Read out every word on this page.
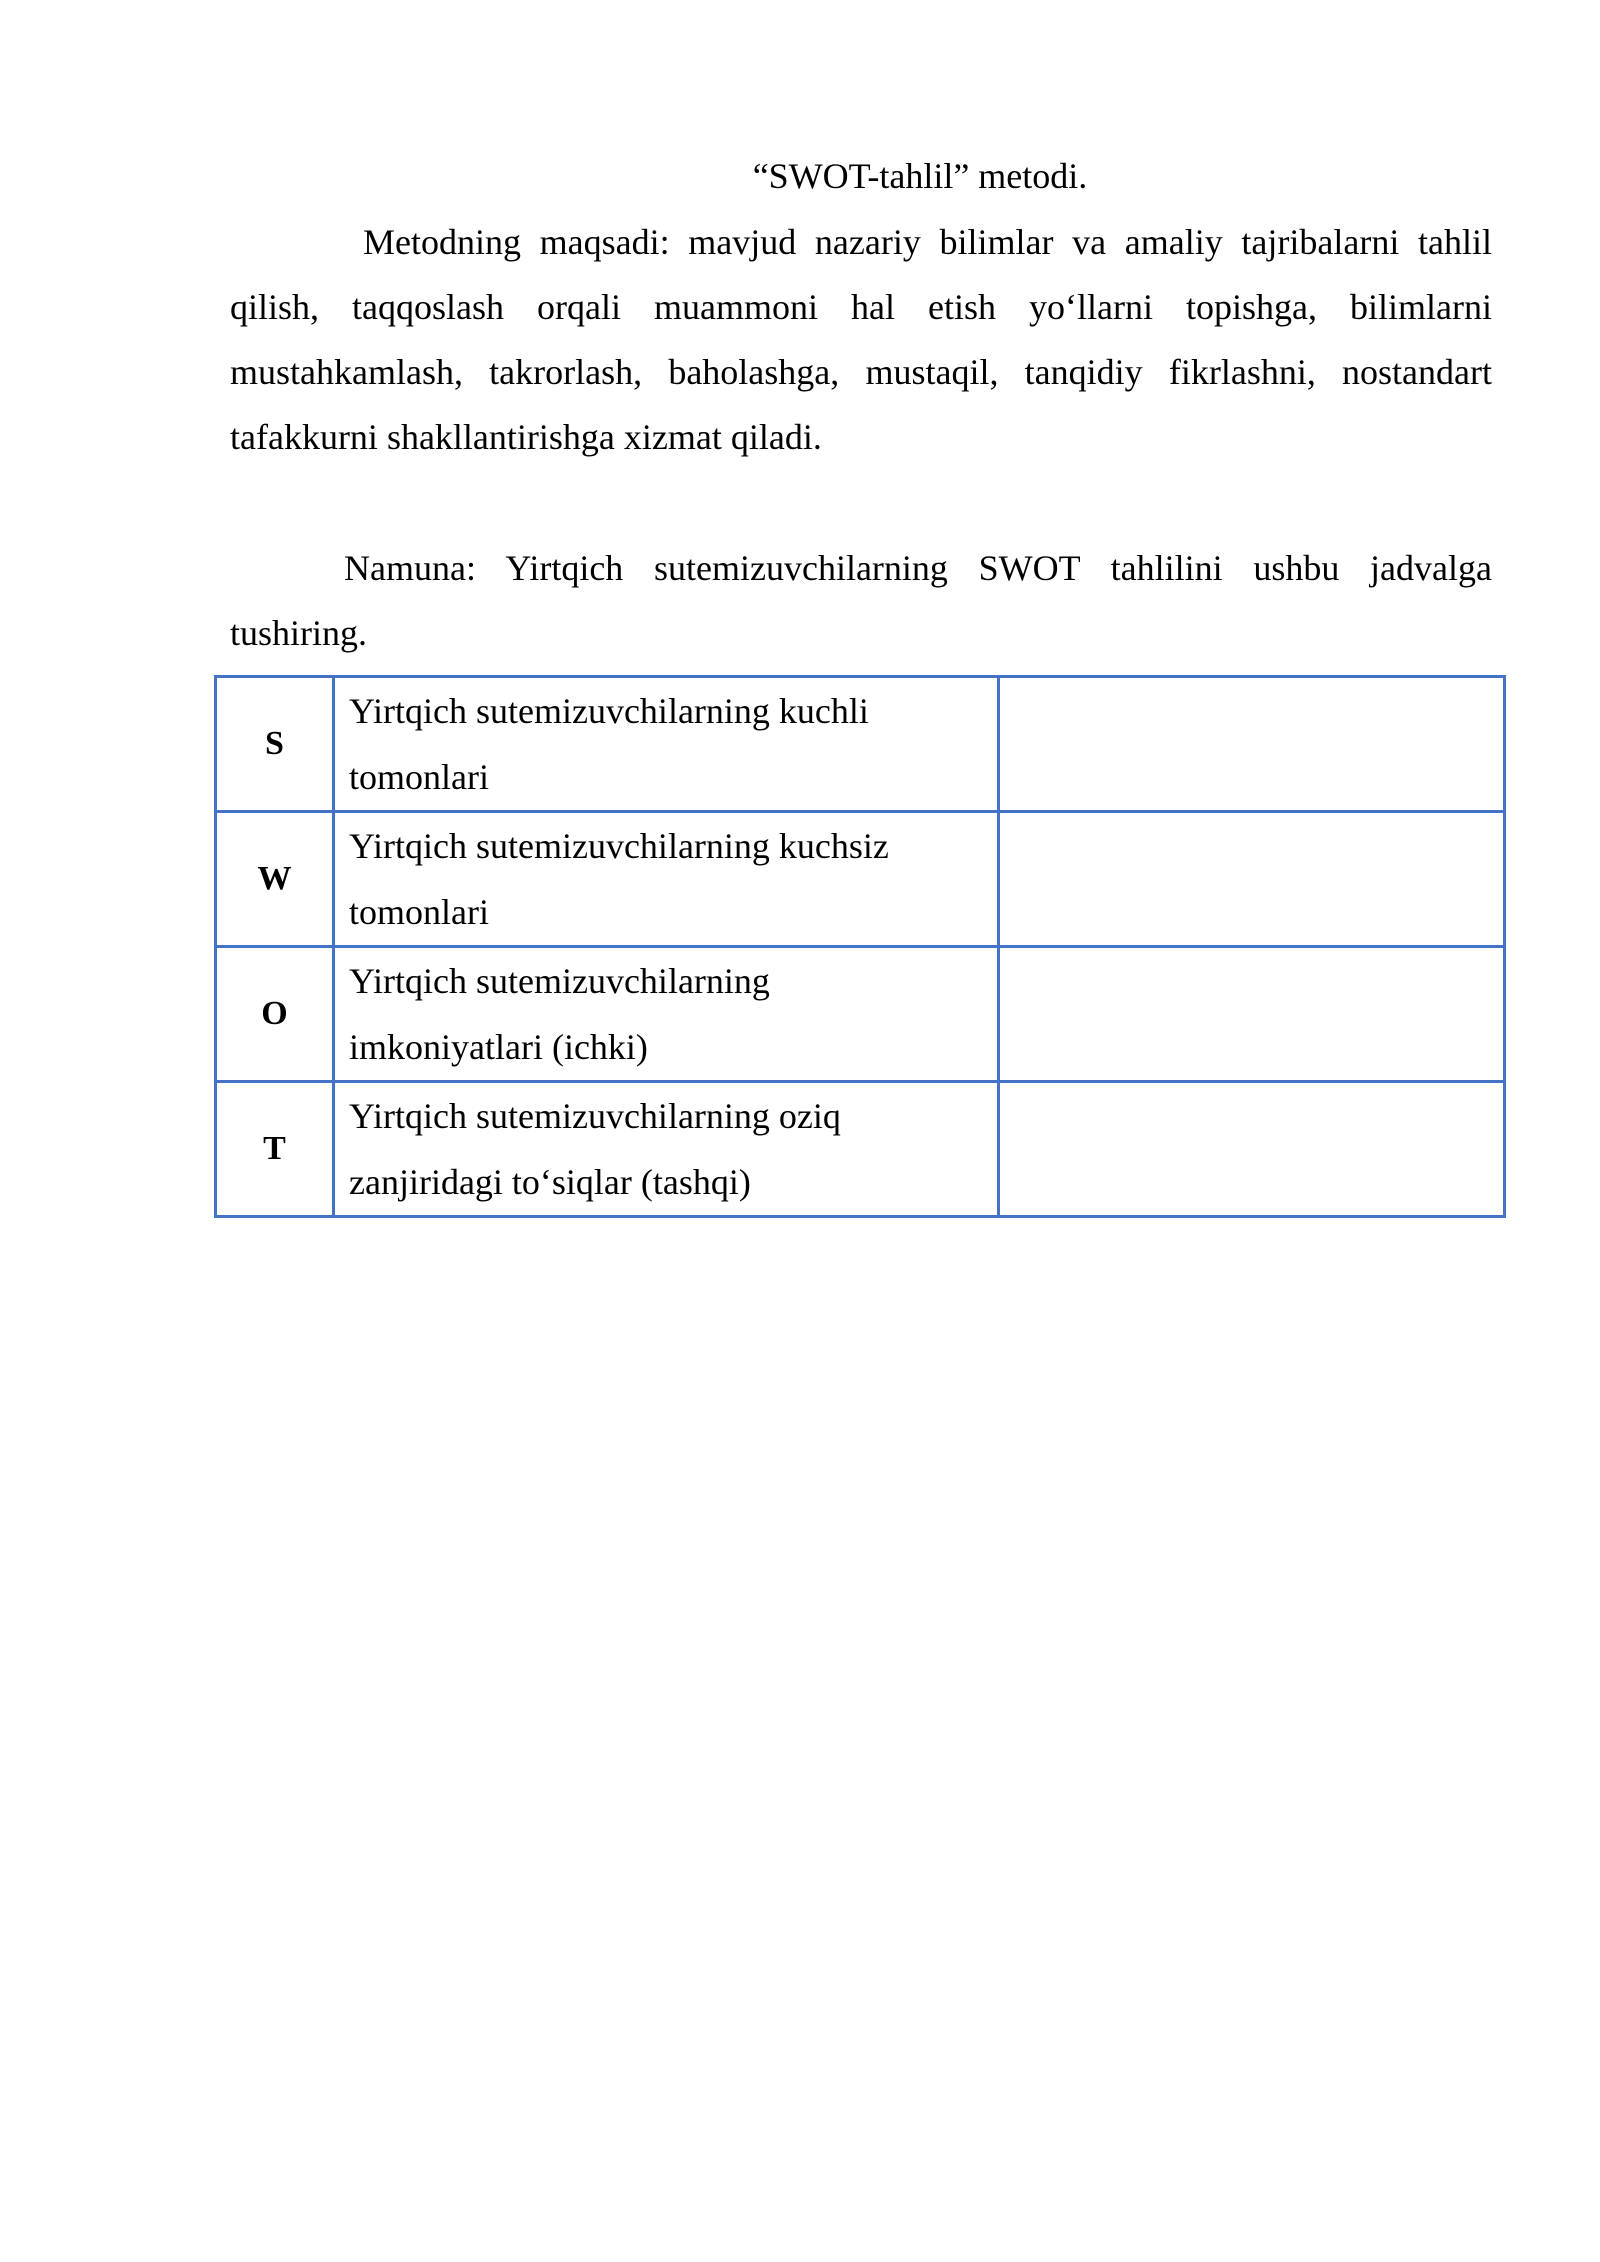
“SWOT-tahlil” metodi.

Metodning maqsadi: mavjud nazariy bilimlar va amaliy tajribalarni tahlil qilish, taqqoslash orqali muammoni hal etish yo‘llarni topishga, bilimlarni mustahkamlash, takrorlash, baholashga, mustaqil, tanqidiy fikrlashni, nostandart tafakkurni shakllantirishga xizmat qiladi.

Namuna: Yirtqich sutemizuvchilarning SWOT tahlilini ushbu jadvalga tushiring.

S	Yirtqich sutemizuvchilarning kuchli
tomonlari	

W	Yirtqich sutemizuvchilarning kuchsiz
tomonlari	

O	Yirtqich sutemizuvchilarning
imkoniyatlari (ichki)	

T	Yirtqich sutemizuvchilarning oziq
zanjiridagi to‘siqlar (tashqi)	
